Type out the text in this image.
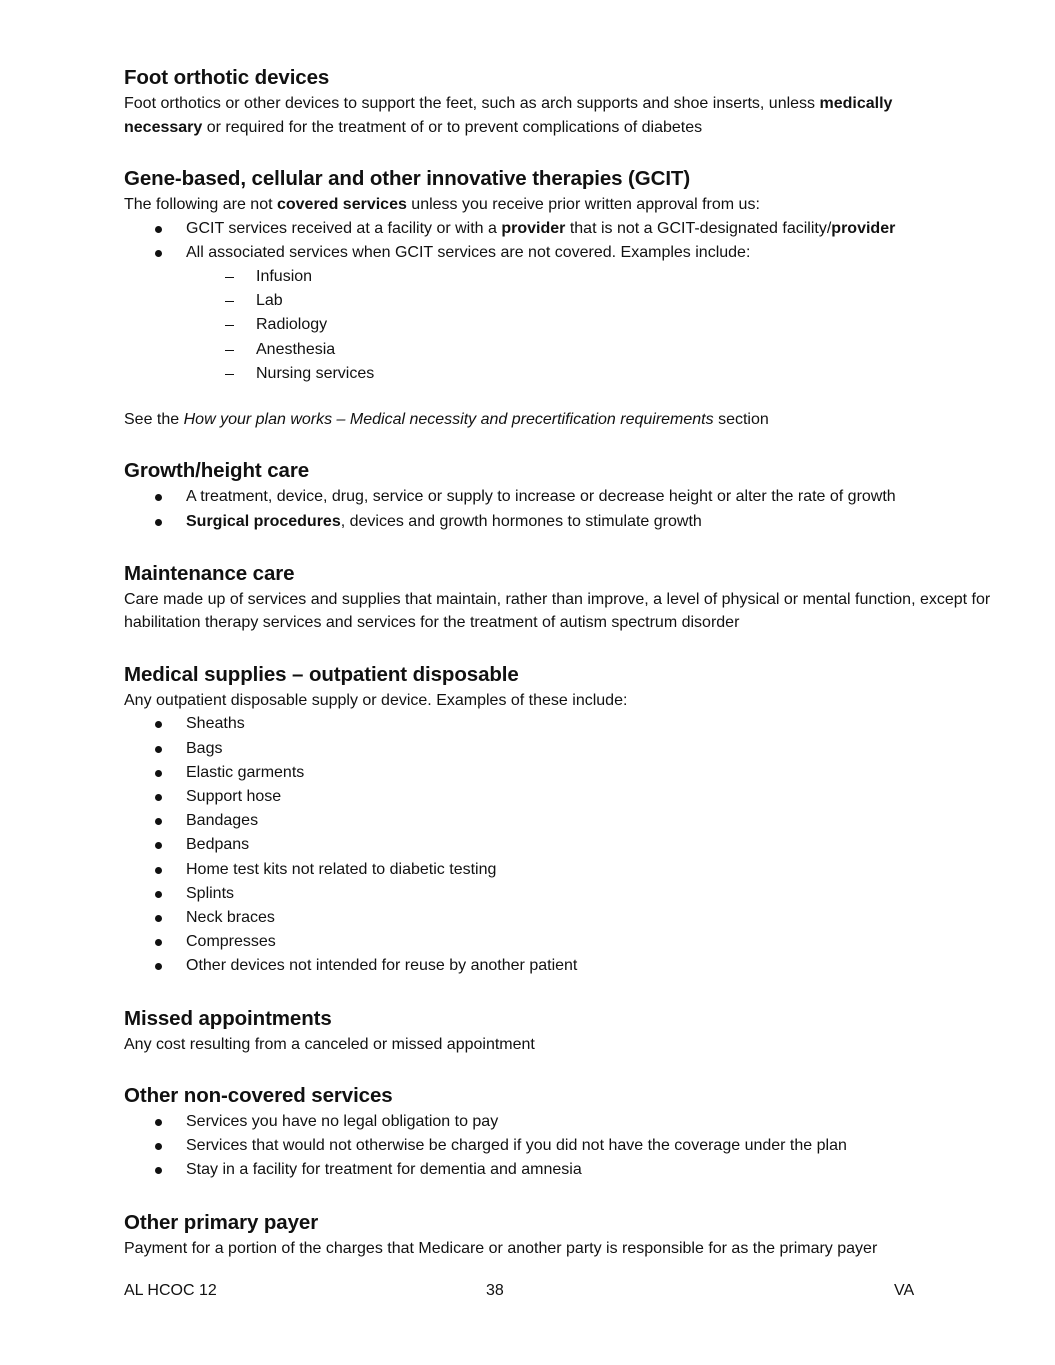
Foot orthotic devices

Foot orthotics or other devices to support the feet, such as arch supports and shoe inserts, unless medically
necessary or required for the treatment of or to prevent complications of diabetes

Gene-based, cellular and other innovative therapies (GCIT)

The following are not covered services unless you receive prior written approval from us:

GCIT services received at a facility or with a provider that is not a GCIT-designated facility/provider
All associated services when GCIT services are not covered. Examples include:
Infusion
Lab
Radiology
Anesthesia
Nursing services

See the How your plan works – Medical necessity and precertification requirements section

Growth/height care
A treatment, device, drug, service or supply to increase or decrease height or alter the rate of growth
Surgical procedures, devices and growth hormones to stimulate growth
Maintenance care

Care made up of services and supplies that maintain, rather than improve, a level of physical or mental function, except for habilitation therapy services and services for the treatment of autism spectrum disorder

Medical supplies – outpatient disposable

Any outpatient disposable supply or device. Examples of these include:

Sheaths
Bags
Elastic garments
Support hose
Bandages
Bedpans
Home test kits not related to diabetic testing
Splints
Neck braces
Compresses
Other devices not intended for reuse by another patient
Missed appointments

Any cost resulting from a canceled or missed appointment

Other non-covered services
Services you have no legal obligation to pay
Services that would not otherwise be charged if you did not have the coverage under the plan
Stay in a facility for treatment for dementia and amnesia
Other primary payer

Payment for a portion of the charges that Medicare or another party is responsible for as the primary payer

AL HCOC 12	38	VA
